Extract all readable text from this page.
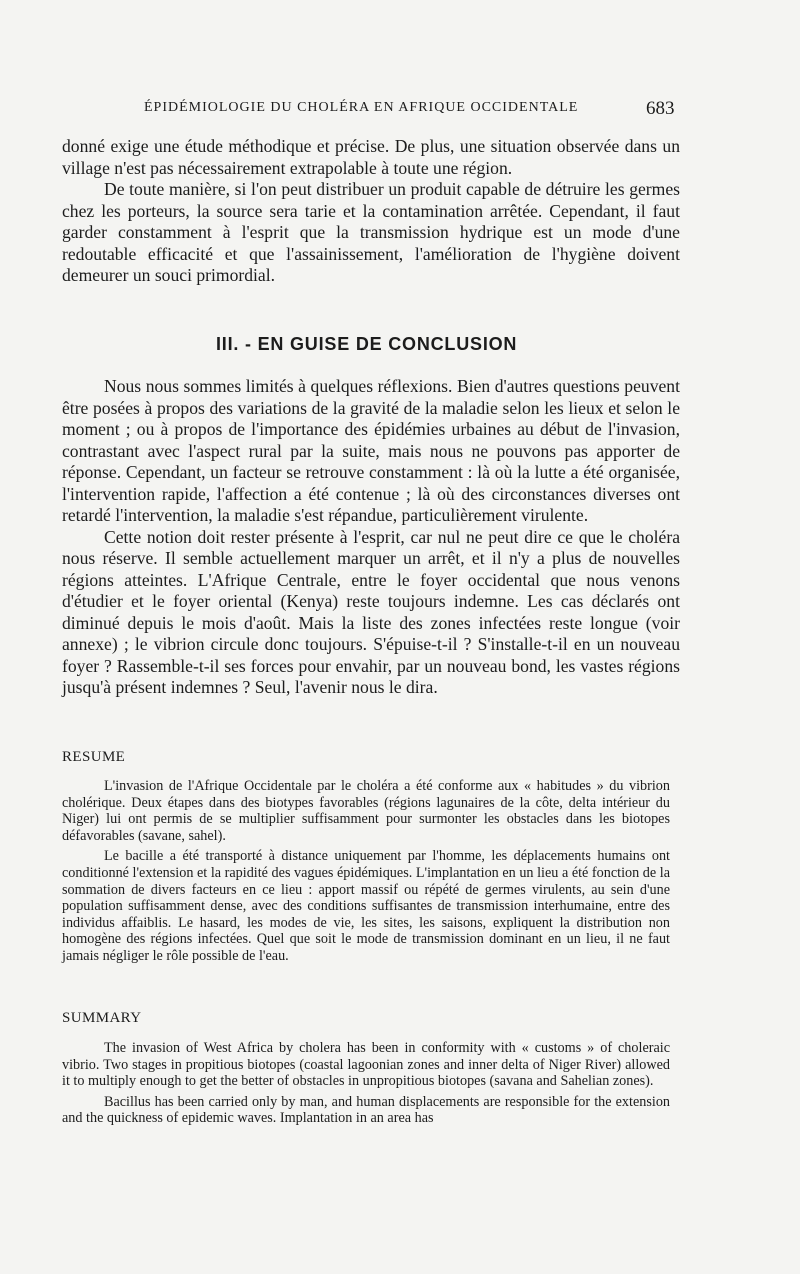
ÉPIDÉMIOLOGIE DU CHOLÉRA EN AFRIQUE OCCIDENTALE	683

donné exige une étude méthodique et précise. De plus, une situation observée dans un village n'est pas nécessairement extrapolable à toute une région.

De toute manière, si l'on peut distribuer un produit capable de détruire les germes chez les porteurs, la source sera tarie et la contamination arrêtée. Cependant, il faut garder constamment à l'esprit que la transmission hydrique est un mode d'une redoutable efficacité et que l'assainissement, l'amélioration de l'hygiène doivent demeurer un souci primordial.

III. - EN GUISE DE CONCLUSION

Nous nous sommes limités à quelques réflexions. Bien d'autres questions peuvent être posées à propos des variations de la gravité de la maladie selon les lieux et selon le moment ; ou à propos de l'importance des épidémies urbaines au début de l'invasion, contrastant avec l'aspect rural par la suite, mais nous ne pouvons pas apporter de réponse. Cependant, un facteur se retrouve constamment : là où la lutte a été organisée, l'intervention rapide, l'affection a été contenue ; là où des circonstances diverses ont retardé l'intervention, la maladie s'est répandue, particulièrement virulente.

Cette notion doit rester présente à l'esprit, car nul ne peut dire ce que le choléra nous réserve. Il semble actuellement marquer un arrêt, et il n'y a plus de nouvelles régions atteintes. L'Afrique Centrale, entre le foyer occidental que nous venons d'étudier et le foyer oriental (Kenya) reste toujours indemne. Les cas déclarés ont diminué depuis le mois d'août. Mais la liste des zones infectées reste longue (voir annexe) ; le vibrion circule donc toujours. S'épuise-t-il ? S'installe-t-il en un nouveau foyer ? Rassemble-t-il ses forces pour envahir, par un nouveau bond, les vastes régions jusqu'à présent indemnes ? Seul, l'avenir nous le dira.

RESUME

L'invasion de l'Afrique Occidentale par le choléra a été conforme aux « habitudes » du vibrion cholérique. Deux étapes dans des biotypes favorables (régions lagunaires de la côte, delta intérieur du Niger) lui ont permis de se multiplier suffisamment pour surmonter les obstacles dans les biotopes défavorables (savane, sahel).

Le bacille a été transporté à distance uniquement par l'homme, les déplacements humains ont conditionné l'extension et la rapidité des vagues épidémiques. L'implantation en un lieu a été fonction de la sommation de divers facteurs en ce lieu : apport massif ou répété de germes virulents, au sein d'une population suffisamment dense, avec des conditions suffisantes de transmission interhumaine, entre des individus affaiblis. Le hasard, les modes de vie, les sites, les saisons, expliquent la distribution non homogène des régions infectées. Quel que soit le mode de transmission dominant en un lieu, il ne faut jamais négliger le rôle possible de l'eau.

SUMMARY

The invasion of West Africa by cholera has been in conformity with « customs » of choleraic vibrio. Two stages in propitious biotopes (coastal lagoonian zones and inner delta of Niger River) allowed it to multiply enough to get the better of obstacles in unpropitious biotopes (savana and Sahelian zones).

Bacillus has been carried only by man, and human displacements are responsible for the extension and the quickness of epidemic waves. Implantation in an area has
